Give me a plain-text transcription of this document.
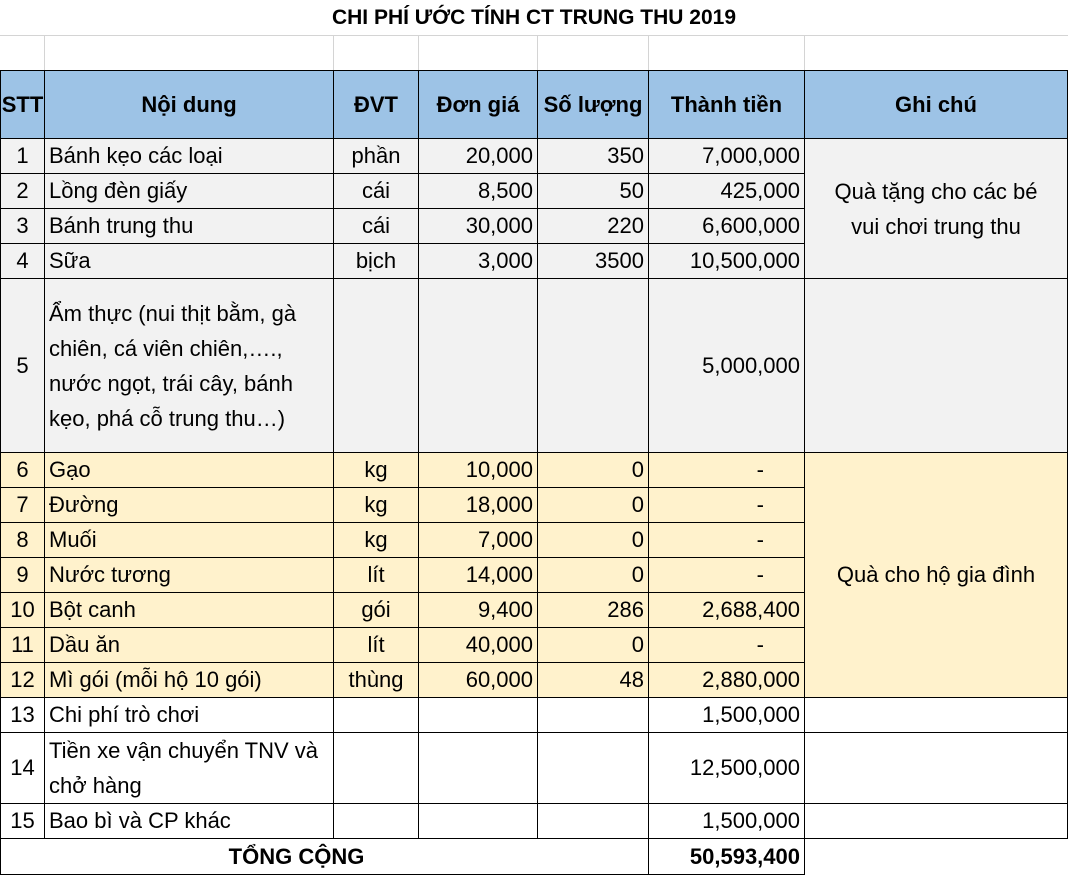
CHI PHÍ ƯỚC TÍNH CT TRUNG THU 2019
STT	Nội dung	ĐVT	Đơn giá	Số lượng	Thành tiền	Ghi chú
1	Bánh kẹo các loại	phần	20,000	350	7,000,000	Quà tặng cho các bé vui chơi trung thu
2	Lồng đèn giấy	cái	8,500	50	425,000	
3	Bánh trung thu	cái	30,000	220	6,600,000	
4	Sữa	bịch	3,000	3500	10,500,000	
5	Ẩm thực (nui thịt bằm, gà chiên, cá viên chiên,…., nước ngọt, trái cây, bánh kẹo, phá cỗ trung thu…)				5,000,000	
6	Gạo	kg	10,000	0	-	Quà cho hộ gia đình
7	Đường	kg	18,000	0	-	
8	Muối	kg	7,000	0	-	
9	Nước tương	lít	14,000	0	-	
10	Bột canh	gói	9,400	286	2,688,400	
11	Dầu ăn	lít	40,000	0	-	
12	Mì gói (mỗi hộ 10 gói)	thùng	60,000	48	2,880,000	
13	Chi phí trò chơi				1,500,000	
14	Tiền xe vận chuyển TNV và chở hàng				12,500,000	
15	Bao bì và CP khác				1,500,000	
TỔNG CỘNG					50,593,400	
